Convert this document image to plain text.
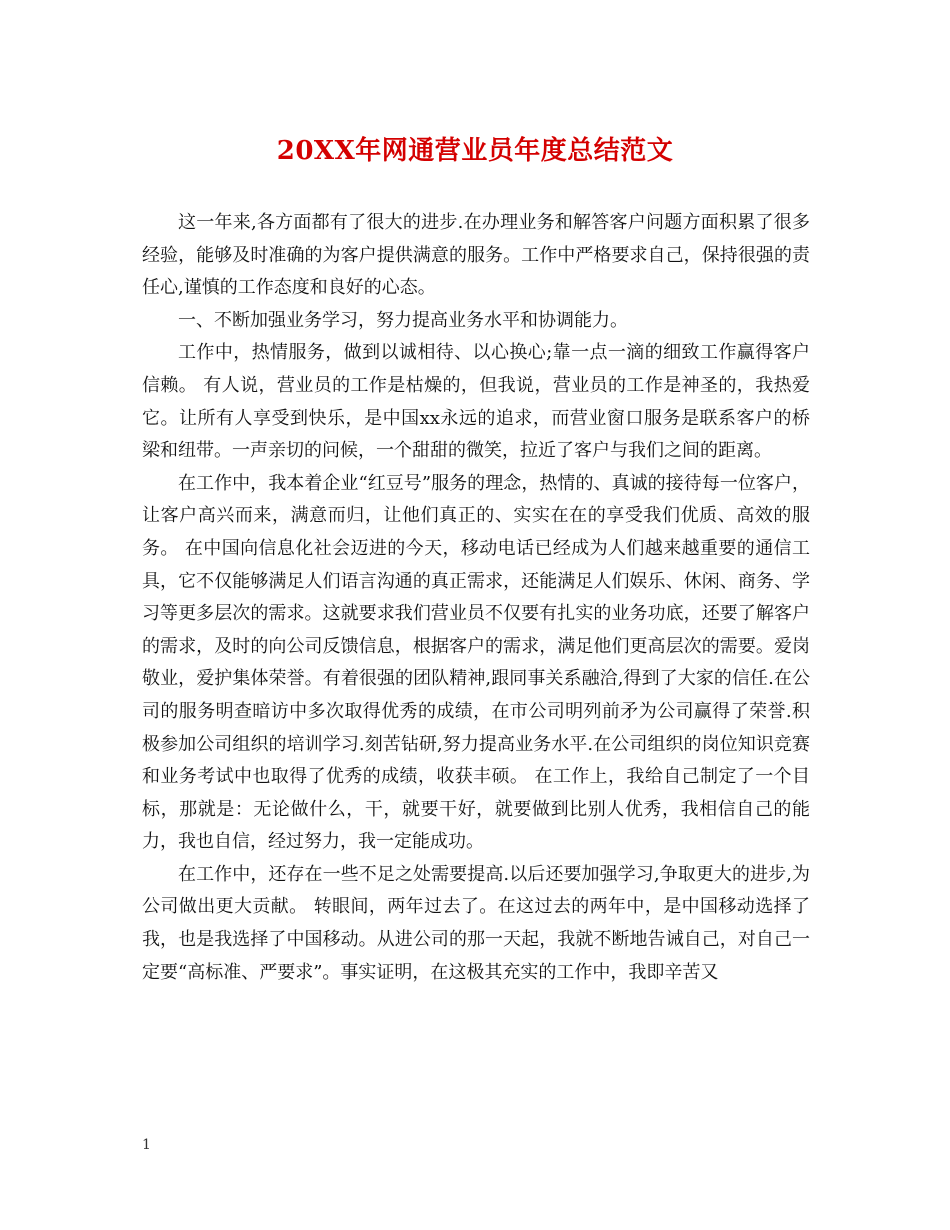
20XX年网通营业员年度总结范文

这一年来,各方面都有了很大的进步.在办理业务和解答客户问题方面积累了很多经验，能够及时准确的为客户提供满意的服务。工作中严格要求自己，保持很强的责任心,谨慎的工作态度和良好的心态。

一、不断加强业务学习，努力提高业务水平和协调能力。

工作中，热情服务，做到以诚相待、以心换心;靠一点一滴的细致工作赢得客户信赖。 有人说，营业员的工作是枯燥的，但我说，营业员的工作是神圣的，我热爱它。让所有人享受到快乐，是中国xx永远的追求，而营业窗口服务是联系客户的桥梁和纽带。一声亲切的问候，一个甜甜的微笑，拉近了客户与我们之间的距离。

在工作中，我本着企业“红豆号”服务的理念，热情的、真诚的接待每一位客户，让客户高兴而来，满意而归，让他们真正的、实实在在的享受我们优质、高效的服务。 在中国向信息化社会迈进的今天，移动电话已经成为人们越来越重要的通信工具，它不仅能够满足人们语言沟通的真正需求，还能满足人们娱乐、休闲、商务、学习等更多层次的需求。这就要求我们营业员不仅要有扎实的业务功底，还要了解客户的需求，及时的向公司反馈信息，根据客户的需求，满足他们更高层次的需要。爱岗敬业，爱护集体荣誉。有着很强的团队精神,跟同事关系融洽,得到了大家的信任.在公司的服务明查暗访中多次取得优秀的成绩，在市公司明列前矛为公司赢得了荣誉.积极参加公司组织的培训学习.刻苦钻研,努力提高业务水平.在公司组织的岗位知识竞赛和业务考试中也取得了优秀的成绩，收获丰硕。 在工作上，我给自己制定了一个目标，那就是：无论做什么，干，就要干好，就要做到比别人优秀，我相信自己的能力，我也自信，经过努力，我一定能成功。

在工作中，还存在一些不足之处需要提高.以后还要加强学习,争取更大的进步,为公司做出更大贡献。 转眼间，两年过去了。在这过去的两年中，是中国移动选择了我，也是我选择了中国移动。从进公司的那一天起，我就不断地告诫自己，对自己一定要“高标准、严要求”。事实证明，在这极其充实的工作中，我即辛苦又

1
